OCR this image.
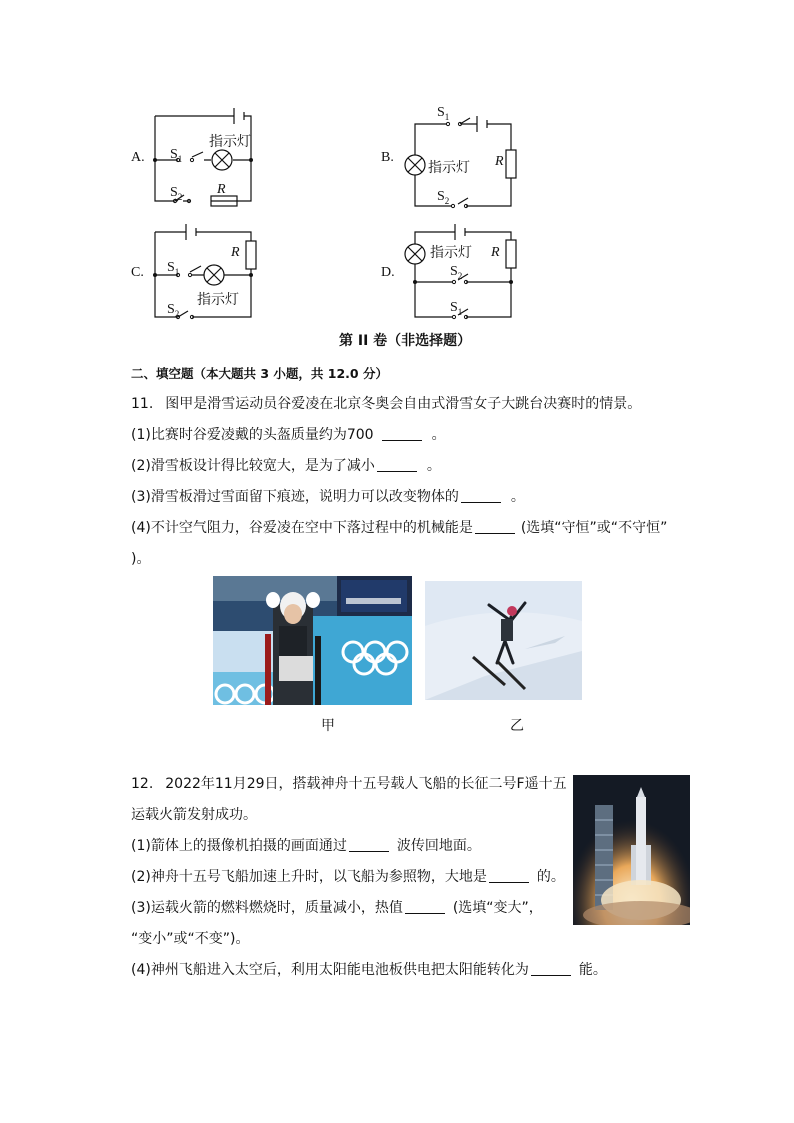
A.
指示灯
$S_1$
$S_2$ R
B.
$S_1$
指示灯 R
$S_2$
C.
R
$S_1$
指示灯
$S_2$
D.
指示灯 R
$S_2$
$S_1$
第 II 卷（非选择题）
二、填空题（本大题共 3 小题，共 12.0 分）
11. 图甲是滑雪运动员谷爱凌在北京冬奥会自由式滑雪女子大跳台决赛时的情景。
(1)比赛时谷爱凌戴的头盔质量约为700	。
(2)滑雪板设计得比较宽大，是为了减小	。
(3)滑雪板滑过雪面留下痕迹，说明力可以改变物体的	。
(4)不计空气阻力，谷爱凌在空中下落过程中的机械能是	(选填“守恒”或“不守恒”
)。
甲	乙
12. 2022年11月29日，搭载神舟十五号载人飞船的长征二号F遥十五
运载火箭发射成功。
(1)箭体上的摄像机拍摄的画面通过	波传回地面。
(2)神舟十五号飞船加速上升时，以飞船为参照物，大地是	的。
(3)运载火箭的燃料燃烧时，质量减小，热值	(选填“变大”，
“变小”或“不变”)。
(4)神州飞船进入太空后，利用太阳能电池板供电把太阳能转化为	能。
